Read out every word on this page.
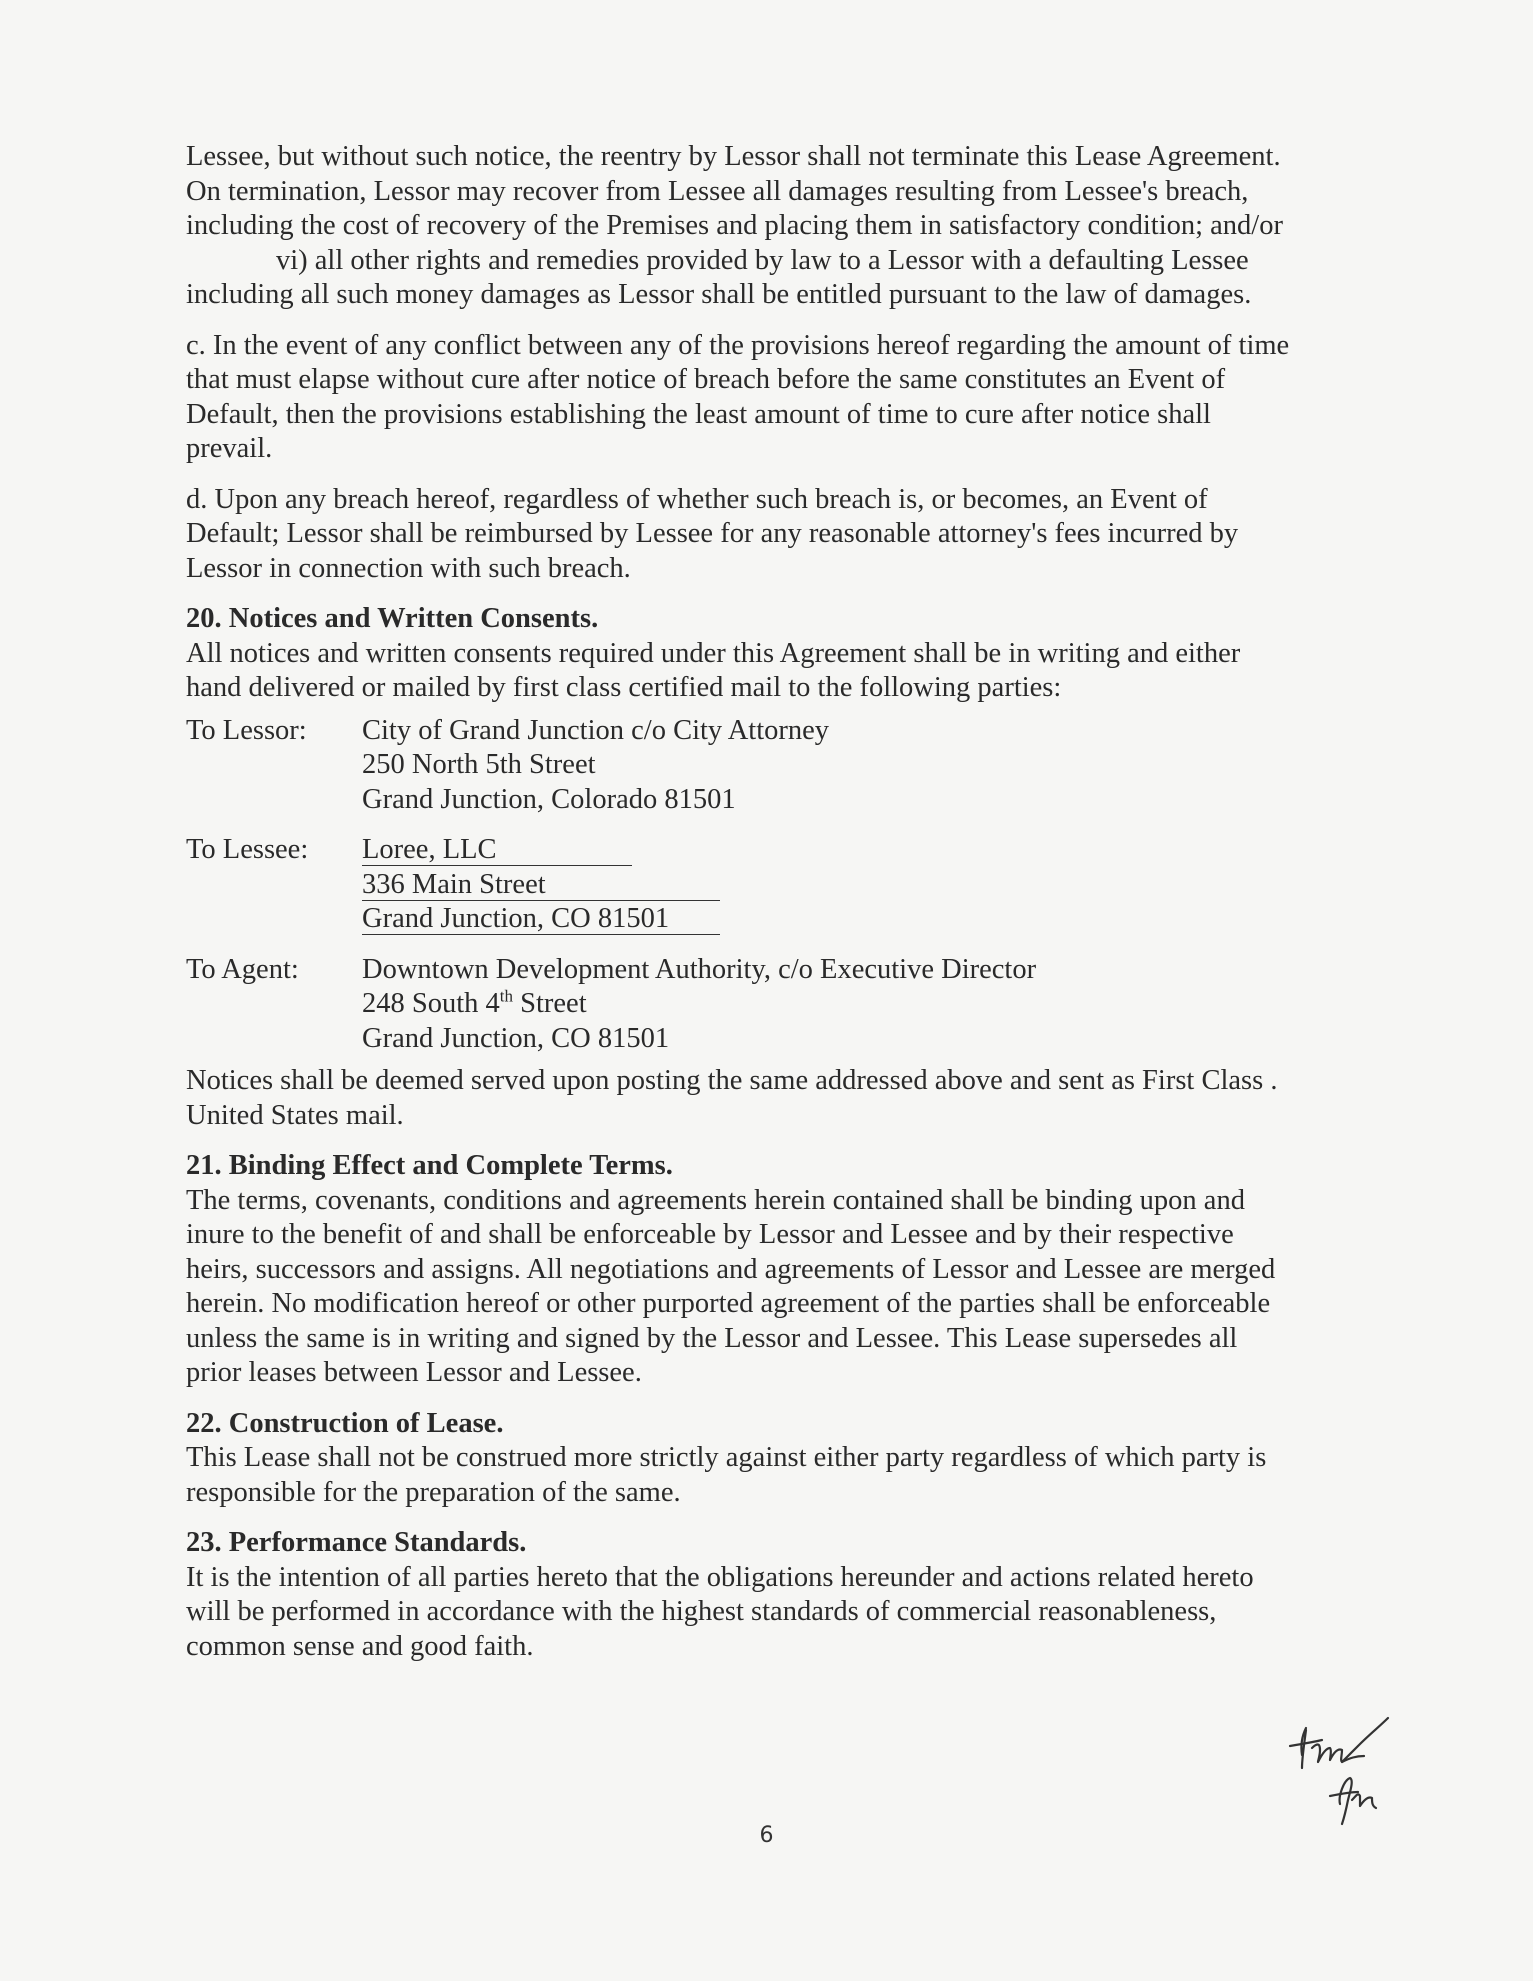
Lessee, but without such notice, the reentry by Lessor shall not terminate this Lease Agreement.
On termination, Lessor may recover from Lessee all damages resulting from Lessee's breach,
including the cost of recovery of the Premises and placing them in satisfactory condition; and/or
vi) all other rights and remedies provided by law to a Lessor with a defaulting Lessee
including all such money damages as Lessor shall be entitled pursuant to the law of damages.
c. In the event of any conflict between any of the provisions hereof regarding the amount of time
that must elapse without cure after notice of breach before the same constitutes an Event of
Default, then the provisions establishing the least amount of time to cure after notice shall
prevail.
d. Upon any breach hereof, regardless of whether such breach is, or becomes, an Event of
Default; Lessor shall be reimbursed by Lessee for any reasonable attorney's fees incurred by
Lessor in connection with such breach.
20. Notices and Written Consents.
All notices and written consents required under this Agreement shall be in writing and either
hand delivered or mailed by first class certified mail to the following parties:
To Lessor:	City of Grand Junction c/o City Attorney
250 North 5th Street
Grand Junction, Colorado 81501
To Lessee:	Loree, LLC
336 Main Street
Grand Junction, CO 81501
To Agent:	Downtown Development Authority, c/o Executive Director
248 South 4th Street
Grand Junction, CO 81501
Notices shall be deemed served upon posting the same addressed above and sent as First Class .
United States mail.
21. Binding Effect and Complete Terms.
The terms, covenants, conditions and agreements herein contained shall be binding upon and
inure to the benefit of and shall be enforceable by Lessor and Lessee and by their respective
heirs, successors and assigns. All negotiations and agreements of Lessor and Lessee are merged
herein. No modification hereof or other purported agreement of the parties shall be enforceable
unless the same is in writing and signed by the Lessor and Lessee. This Lease supersedes all
prior leases between Lessor and Lessee.
22. Construction of Lease.
This Lease shall not be construed more strictly against either party regardless of which party is
responsible for the preparation of the same.
23. Performance Standards.
It is the intention of all parties hereto that the obligations hereunder and actions related hereto
will be performed in accordance with the highest standards of commercial reasonableness,
common sense and good faith.
6
